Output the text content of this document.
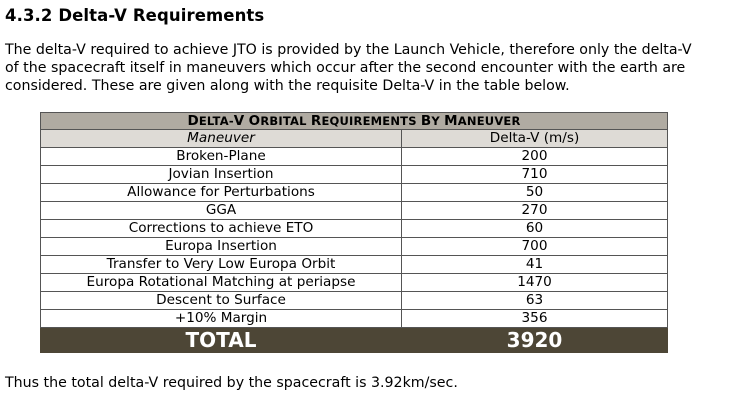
4.3.2 Delta-V Requirements

The delta-V required to achieve JTO is provided by the Launch Vehicle, therefore only the delta-V

of the spacecraft itself in maneuvers which occur after the second encounter with the earth are

considered. These are given along with the requisite Delta-V in the table below.

DELTA-V ORBITAL REQUIREMENTS BY MANEUVER	
Maneuver	Delta-V (m/s)
Broken-Plane	200
Jovian Insertion	710
Allowance for Perturbations	50
GGA	270
Corrections to achieve ETO	60
Europa Insertion	700
Transfer to Very Low Europa Orbit	41
Europa Rotational Matching at periapse	1470
Descent to Surface	63
+10% Margin	356
TOTAL	3920
Thus the total delta-V required by the spacecraft is 3.92km/sec.
